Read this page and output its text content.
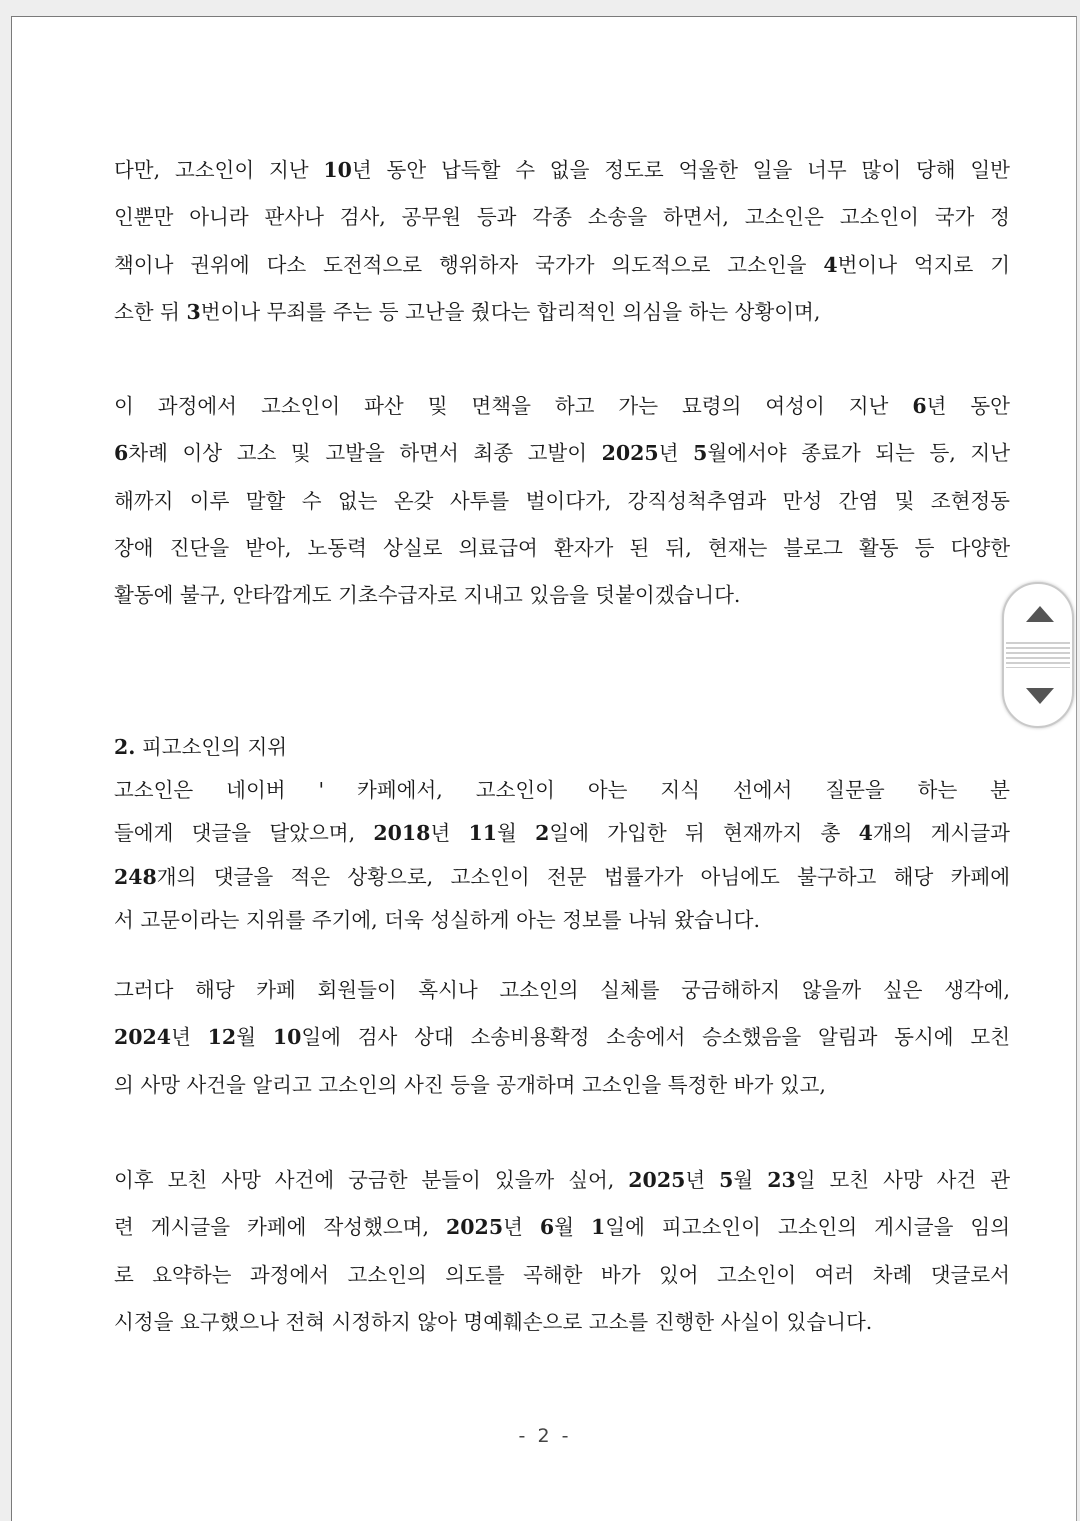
다만, 고소인이 지난 10년 동안 납득할 수 없을 정도로 억울한 일을 너무 많이 당해 일반
인뿐만 아니라 판사나 검사, 공무원 등과 각종 소송을 하면서, 고소인은 고소인이 국가 정
책이나 권위에 다소 도전적으로 행위하자 국가가 의도적으로 고소인을 4번이나 억지로 기
소한 뒤 3번이나 무죄를 주는 등 고난을 줬다는 합리적인 의심을 하는 상황이며,
이 과정에서 고소인이 파산 및 면책을 하고 가는 묘령의 여성이 지난 6년 동안
6차례 이상 고소 및 고발을 하면서 최종 고발이 2025년 5월에서야 종료가 되는 등, 지난
해까지 이루 말할 수 없는 온갖 사투를 벌이다가, 강직성척추염과 만성 간염 및 조현정동
장애 진단을 받아, 노동력 상실로 의료급여 환자가 된 뒤, 현재는 블로그 활동 등 다양한
활동에 불구, 안타깝게도 기초수급자로 지내고 있음을 덧붙이겠습니다.
2. 피고소인의 지위
고소인은 네이버 ' 카페에서, 고소인이 아는 지식 선에서 질문을 하는 분
들에게 댓글을 달았으며, 2018년 11월 2일에 가입한 뒤 현재까지 총 4개의 게시글과
248개의 댓글을 적은 상황으로, 고소인이 전문 법률가가 아님에도 불구하고 해당 카페에
서 고문이라는 지위를 주기에, 더욱 성실하게 아는 정보를 나눠 왔습니다.
그러다 해당 카페 회원들이 혹시나 고소인의 실체를 궁금해하지 않을까 싶은 생각에,
2024년 12월 10일에 검사 상대 소송비용확정 소송에서 승소했음을 알림과 동시에 모친
의 사망 사건을 알리고 고소인의 사진 등을 공개하며 고소인을 특정한 바가 있고,
이후 모친 사망 사건에 궁금한 분들이 있을까 싶어, 2025년 5월 23일 모친 사망 사건 관
련 게시글을 카페에 작성했으며, 2025년 6월 1일에 피고소인이 고소인의 게시글을 임의
로 요약하는 과정에서 고소인의 의도를 곡해한 바가 있어 고소인이 여러 차례 댓글로서
시정을 요구했으나 전혀 시정하지 않아 명예훼손으로 고소를 진행한 사실이 있습니다.
- 2 -
